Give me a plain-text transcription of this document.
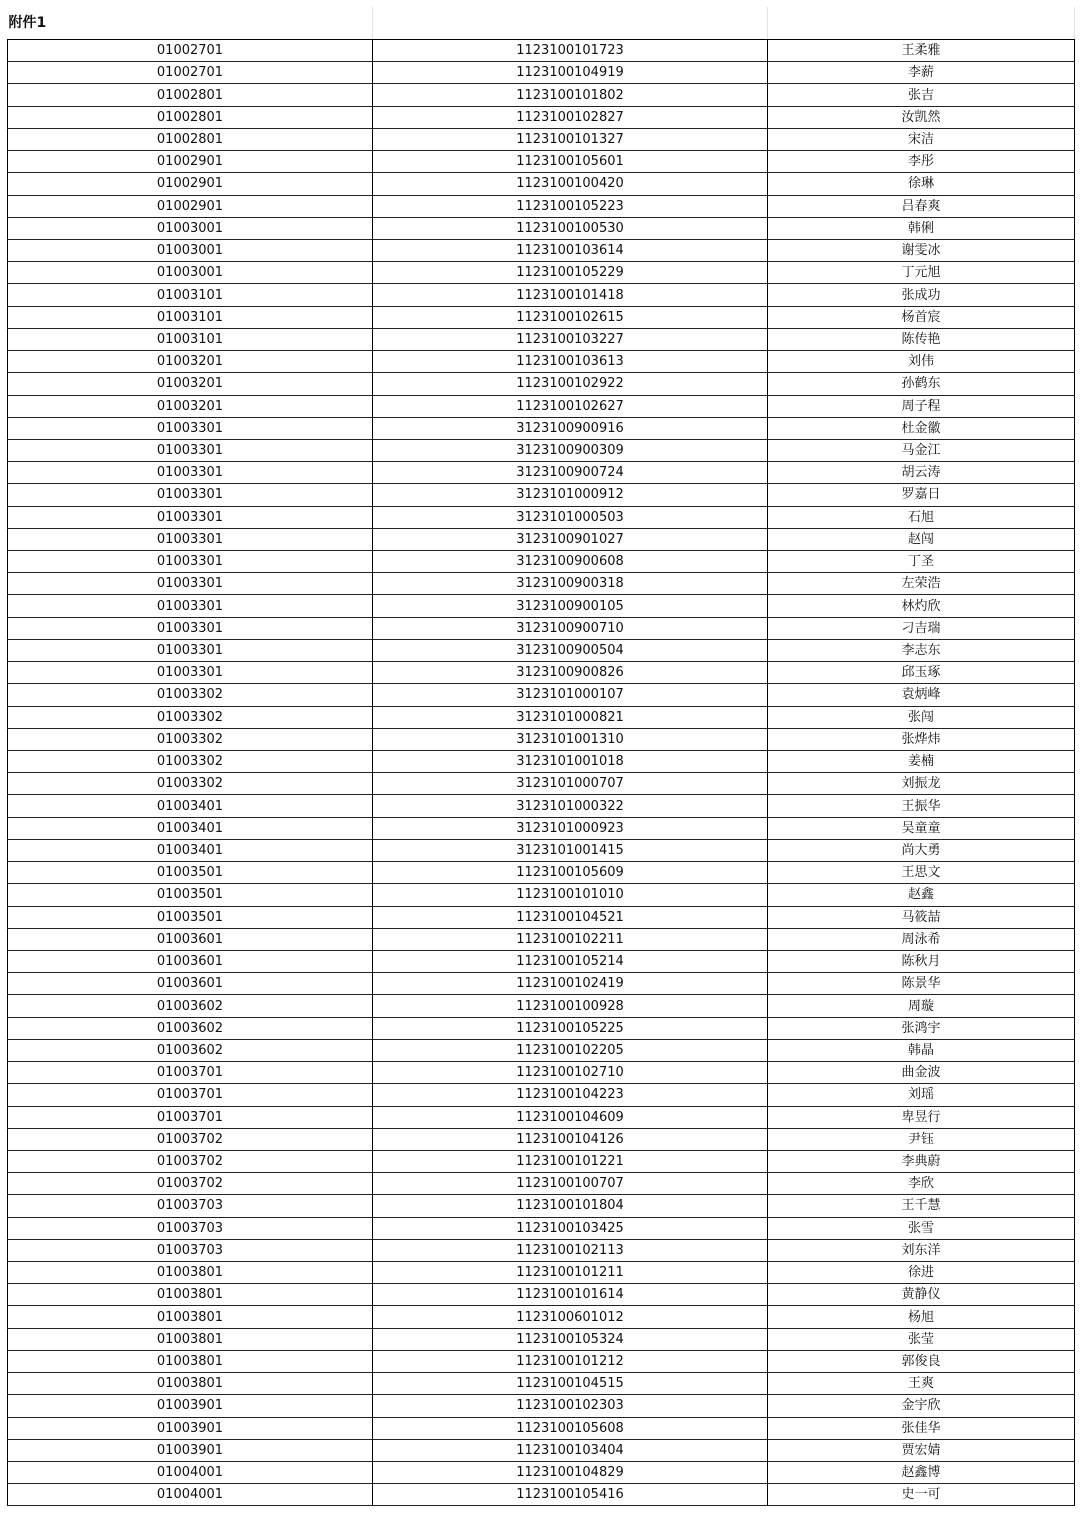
附件1		
01002701	1123100101723	王柔雅
01002701	1123100104919	李薪
01002801	1123100101802	张吉
01002801	1123100102827	汝凯然
01002801	1123100101327	宋洁
01002901	1123100105601	李彤
01002901	1123100100420	徐琳
01002901	1123100105223	吕春爽
01003001	1123100100530	韩俐
01003001	1123100103614	谢雯冰
01003001	1123100105229	丁元旭
01003101	1123100101418	张成功
01003101	1123100102615	杨首宸
01003101	1123100103227	陈传艳
01003201	1123100103613	刘伟
01003201	1123100102922	孙鹤东
01003201	1123100102627	周子程
01003301	3123100900916	杜金徽
01003301	3123100900309	马金江
01003301	3123100900724	胡云涛
01003301	3123101000912	罗嘉日
01003301	3123101000503	石旭
01003301	3123100901027	赵闯
01003301	3123100900608	丁圣
01003301	3123100900318	左荣浩
01003301	3123100900105	林灼欣
01003301	3123100900710	刁吉瑞
01003301	3123100900504	李志东
01003301	3123100900826	邱玉琢
01003302	3123101000107	袁炳峰
01003302	3123101000821	张闯
01003302	3123101001310	张烨炜
01003302	3123101001018	姜楠
01003302	3123101000707	刘振龙
01003401	3123101000322	王振华
01003401	3123101000923	吴童童
01003401	3123101001415	尚大勇
01003501	1123100105609	王思文
01003501	1123100101010	赵鑫
01003501	1123100104521	马筱喆
01003601	1123100102211	周泳希
01003601	1123100105214	陈秋月
01003601	1123100102419	陈景华
01003602	1123100100928	周璇
01003602	1123100105225	张鸿宇
01003602	1123100102205	韩晶
01003701	1123100102710	曲金波
01003701	1123100104223	刘瑶
01003701	1123100104609	卑昱行
01003702	1123100104126	尹钰
01003702	1123100101221	李典蔚
01003702	1123100100707	李欣
01003703	1123100101804	王千慧
01003703	1123100103425	张雪
01003703	1123100102113	刘东洋
01003801	1123100101211	徐进
01003801	1123100101614	黄静仪
01003801	1123100601012	杨旭
01003801	1123100105324	张莹
01003801	1123100101212	郭俊良
01003801	1123100104515	王爽
01003901	1123100102303	金宇欣
01003901	1123100105608	张佳华
01003901	1123100103404	贾宏婧
01004001	1123100104829	赵鑫博
01004001	1123100105416	史一可
